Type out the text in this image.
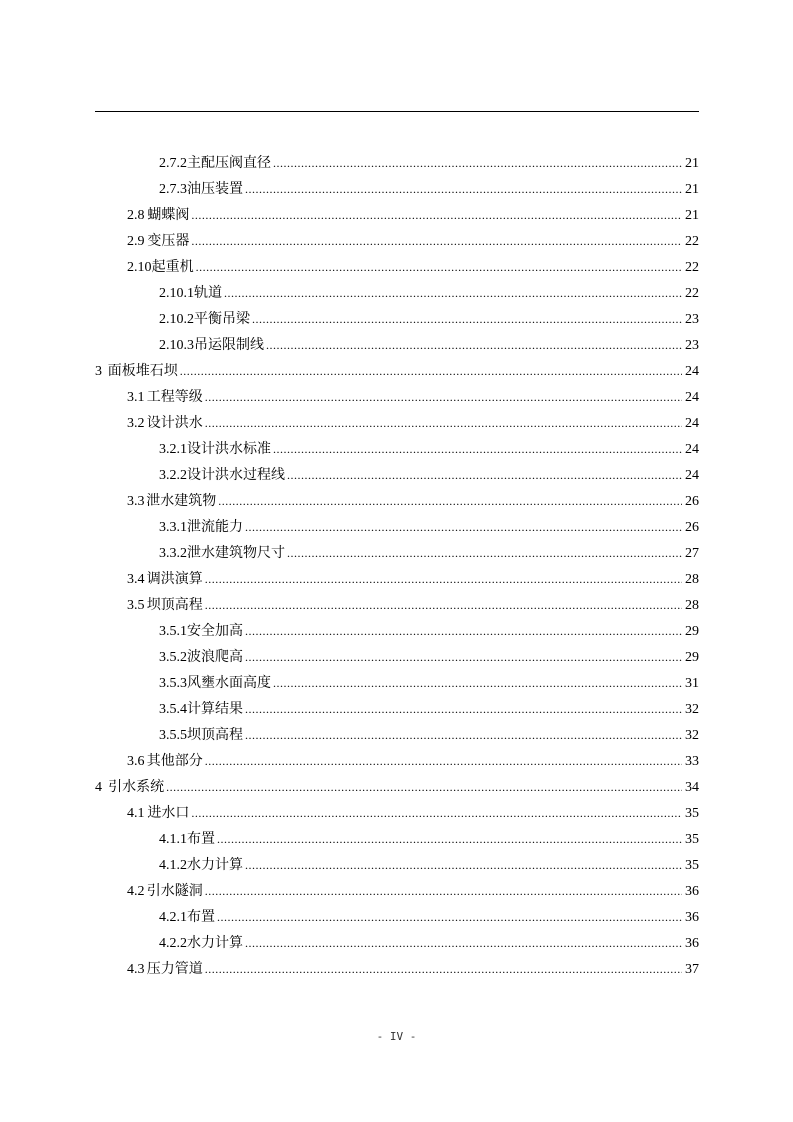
2.7.2 主配压阀直径 .....	21
2.7.3 油压装置 .....	21
2.8 蝴蝶阀 .....	21
2.9 变压器 .....	22
2.10 起重机 .....	22
2.10.1 轨道 .....	22
2.10.2 平衡吊梁 .....	23
2.10.3 吊运限制线 .....	23
3 面板堆石坝 .....	24
3.1 工程等级 .....	24
3.2 设计洪水 .....	24
3.2.1 设计洪水标准 .....	24
3.2.2 设计洪水过程线 .....	24
3.3 泄水建筑物 .....	26
3.3.1 泄流能力 .....	26
3.3.2 泄水建筑物尺寸 .....	27
3.4 调洪演算 .....	28
3.5 坝顶高程 .....	28
3.5.1 安全加高 .....	29
3.5.2 波浪爬高 .....	29
3.5.3 风壅水面高度 .....	31
3.5.4 计算结果 .....	32
3.5.5 坝顶高程 .....	32
3.6 其他部分 .....	33
4 引水系统 .....	34
4.1 进水口 .....	35
4.1.1 布置 .....	35
4.1.2 水力计算 .....	35
4.2 引水隧洞 .....	36
4.2.1 布置 .....	36
4.2.2 水力计算 .....	36
4.3 压力管道 .....	37
- IV -
